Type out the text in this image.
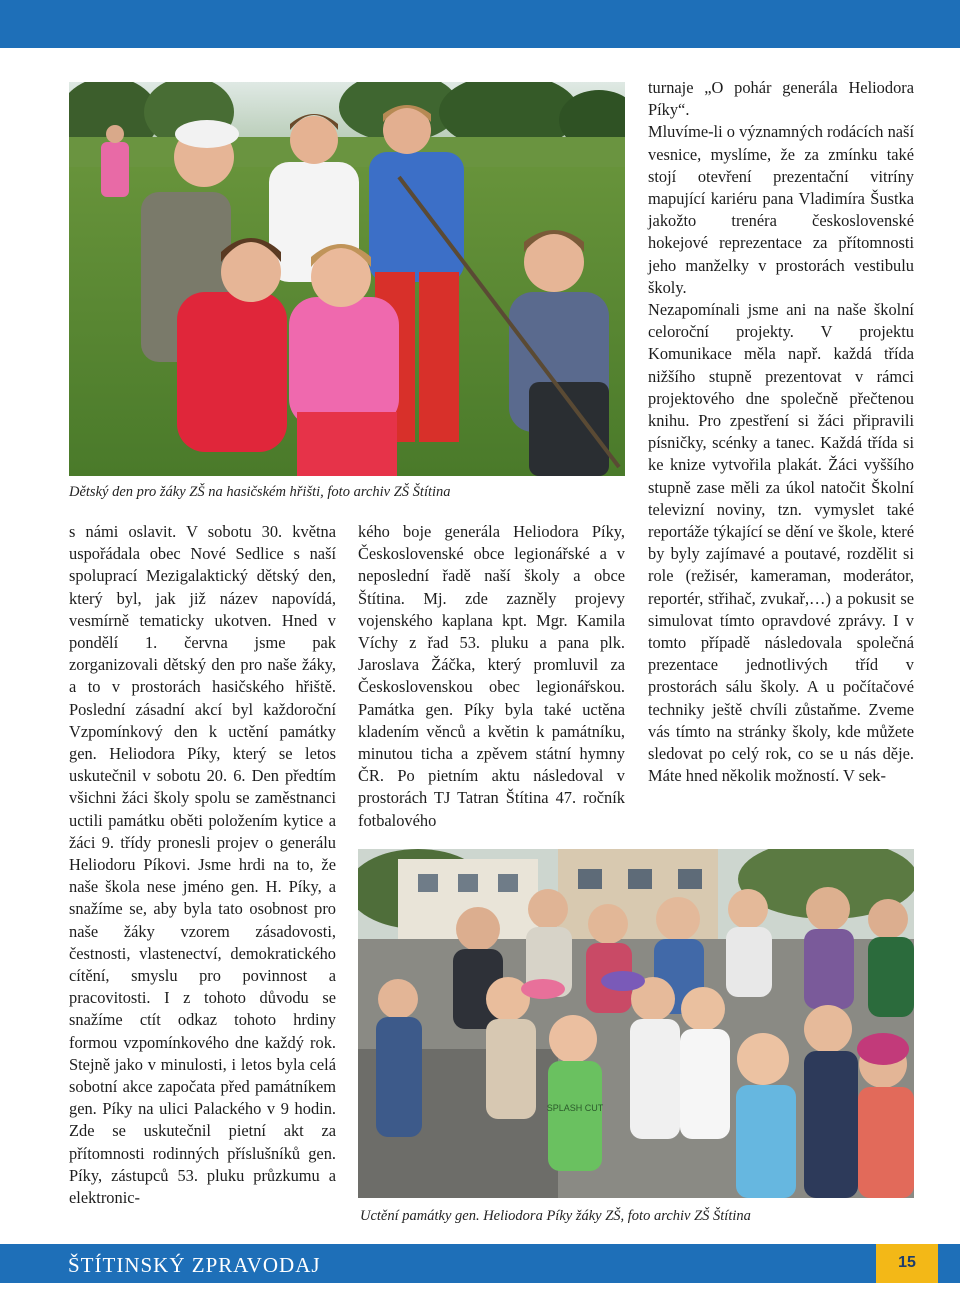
Dětský den pro žáky ZŠ na hasičském hřišti, foto archiv ZŠ Štítina

s námi oslavit. V sobotu 30. května uspořádala obec Nové Sedlice s naší spoluprací Mezigalaktický dětský den, který byl, jak již název napovídá, vesmírně tematicky ukotven. Hned v pondělí 1. června jsme pak zorganizovali dětský den pro naše žáky, a to v prostorách hasičského hřiště. Poslední zásadní akcí byl každoroční Vzpomínkový den k uctění památky gen. Heliodora Píky, který se letos uskutečnil v sobotu 20. 6. Den předtím všichni žáci školy spolu se zaměstnanci uctili památku oběti položením kytice a žáci 9. třídy pronesli projev o generálu Heliodoru Píkovi. Jsme hrdi na to, že naše škola nese jméno gen. H. Píky, a snažíme se, aby byla tato osobnost pro naše žáky vzorem zásadovosti, čestnosti, vlastenectví, demokratického cítění, smyslu pro povinnost a pracovitosti. I z tohoto důvodu se snažíme ctít odkaz tohoto hrdiny formou vzpomínkového dne každý rok. Stejně jako v minulosti, i letos byla celá sobotní akce započata před památníkem gen. Píky na ulici Palackého v 9 hodin. Zde se uskutečnil pietní akt za přítomnosti rodinných příslušníků gen. Píky, zástupců 53. pluku průzkumu a elektronic-

kého boje generála Heliodora Píky, Československé obce legionářské a v neposlední řadě naší školy a obce Štítina. Mj. zde zazněly projevy vojenského kaplana kpt. Mgr. Kamila Víchy z řad 53. pluku a pana plk. Jaroslava Žáčka, který promluvil za Československou obec legionářskou. Památka gen. Píky byla také uctěna kladením věnců a květin k památníku, minutou ticha a zpěvem státní hymny ČR. Po pietním aktu následoval v prostorách TJ Tatran Štítina 47. ročník fotbalového

turnaje „O pohár generála Heliodora Píky“.

Mluvíme-li o významných rodácích naší vesnice, myslíme, že za zmínku také stojí otevření prezentační vitríny mapující kariéru pana Vladimíra Šustka jakožto trenéra československé hokejové reprezentace za přítomnosti jeho manželky v prostorách vestibulu školy.

Nezapomínali jsme ani na naše školní celoroční projekty. V projektu Komunikace měla např. každá třída nižšího stupně prezentovat v rámci projektového dne společně přečtenou knihu. Pro zpestření si žáci připravili písničky, scénky a tanec. Každá třída si ke knize vytvořila plakát. Žáci vyššího stupně zase měli za úkol natočit Školní televizní noviny, tzn. vymyslet také reportáže týkající se dění ve škole, které by byly zajímavé a poutavé, rozdělit si role (režisér, kameraman, moderátor, reportér, střihač, zvukař,…) a pokusit se simulovat tímto opravdové zprávy. I v tomto případě následovala společná prezentace jednotlivých tříd v prostorách sálu školy. A u počítačové techniky ještě chvíli zůstaňme. Zveme vás tímto na stránky školy, kde můžete sledovat po celý rok, co se u nás děje. Máte hned několik možností. V sek-

SPLASH CUT
Uctění památky gen. Heliodora Píky žáky ZŠ, foto archiv ZŠ Štítina
ŠTÍTINSKÝ ZPRAVODAJ	15
